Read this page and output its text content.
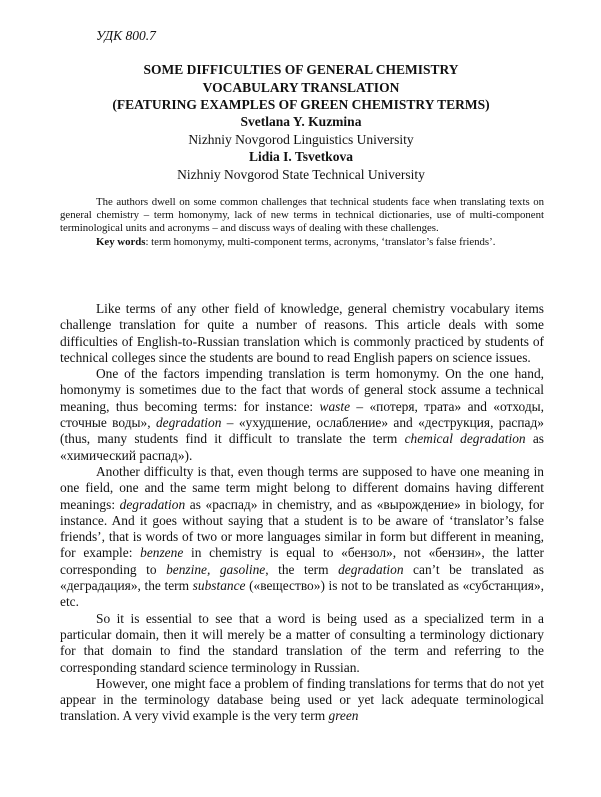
УДК 800.7
SOME DIFFICULTIES OF GENERAL CHEMISTRY
VOCABULARY TRANSLATION
(FEATURING EXAMPLES OF GREEN CHEMISTRY TERMS)
Svetlana Y. Kuzmina
Nizhniy Novgorod Linguistics University
Lidia I. Tsvetkova
Nizhniy Novgorod State Technical University

The authors dwell on some common challenges that technical students face when translating texts on general chemistry – term homonymy, lack of new terms in technical dictionaries, use of multi-component terminological units and acronyms – and discuss ways of dealing with these challenges.

Key words: term homonymy, multi-component terms, acronyms, ‘translator’s false friends’.

Like terms of any other field of knowledge, general chemistry vocabulary items challenge translation for quite a number of reasons. This article deals with some difficulties of English-to-Russian translation which is commonly practiced by students of technical colleges since the students are bound to read English papers on science issues.

One of the factors impending translation is term homonymy. On the one hand, homonymy is sometimes due to the fact that words of general stock assume a technical meaning, thus becoming terms: for instance: waste – «потеря, трата» and «отходы, сточные воды», degradation – «ухудшение, ослабление» and «деструкция, распад» (thus, many students find it difficult to translate the term chemical degradation as «химический распад»).

Another difficulty is that, even though terms are supposed to have one meaning in one field, one and the same term might belong to different domains having different meanings: degradation as «распад» in chemistry, and as «вырождение» in biology, for instance. And it goes without saying that a student is to be aware of ‘translator’s false friends’, that is words of two or more languages similar in form but different in meaning, for example: benzene in chemistry is equal to «бензол», not «бензин», the latter corresponding to benzine, gasoline, the term degradation can’t be translated as «деградация», the term substance («вещество») is not to be translated as «субстанция», etc.

So it is essential to see that a word is being used as a specialized term in a particular domain, then it will merely be a matter of consulting a terminology dictionary for that domain to find the standard translation of the term and referring to the corresponding standard science terminology in Russian.

However, one might face a problem of finding translations for terms that do not yet appear in the terminology database being used or yet lack adequate terminological translation. A very vivid example is the very term green
